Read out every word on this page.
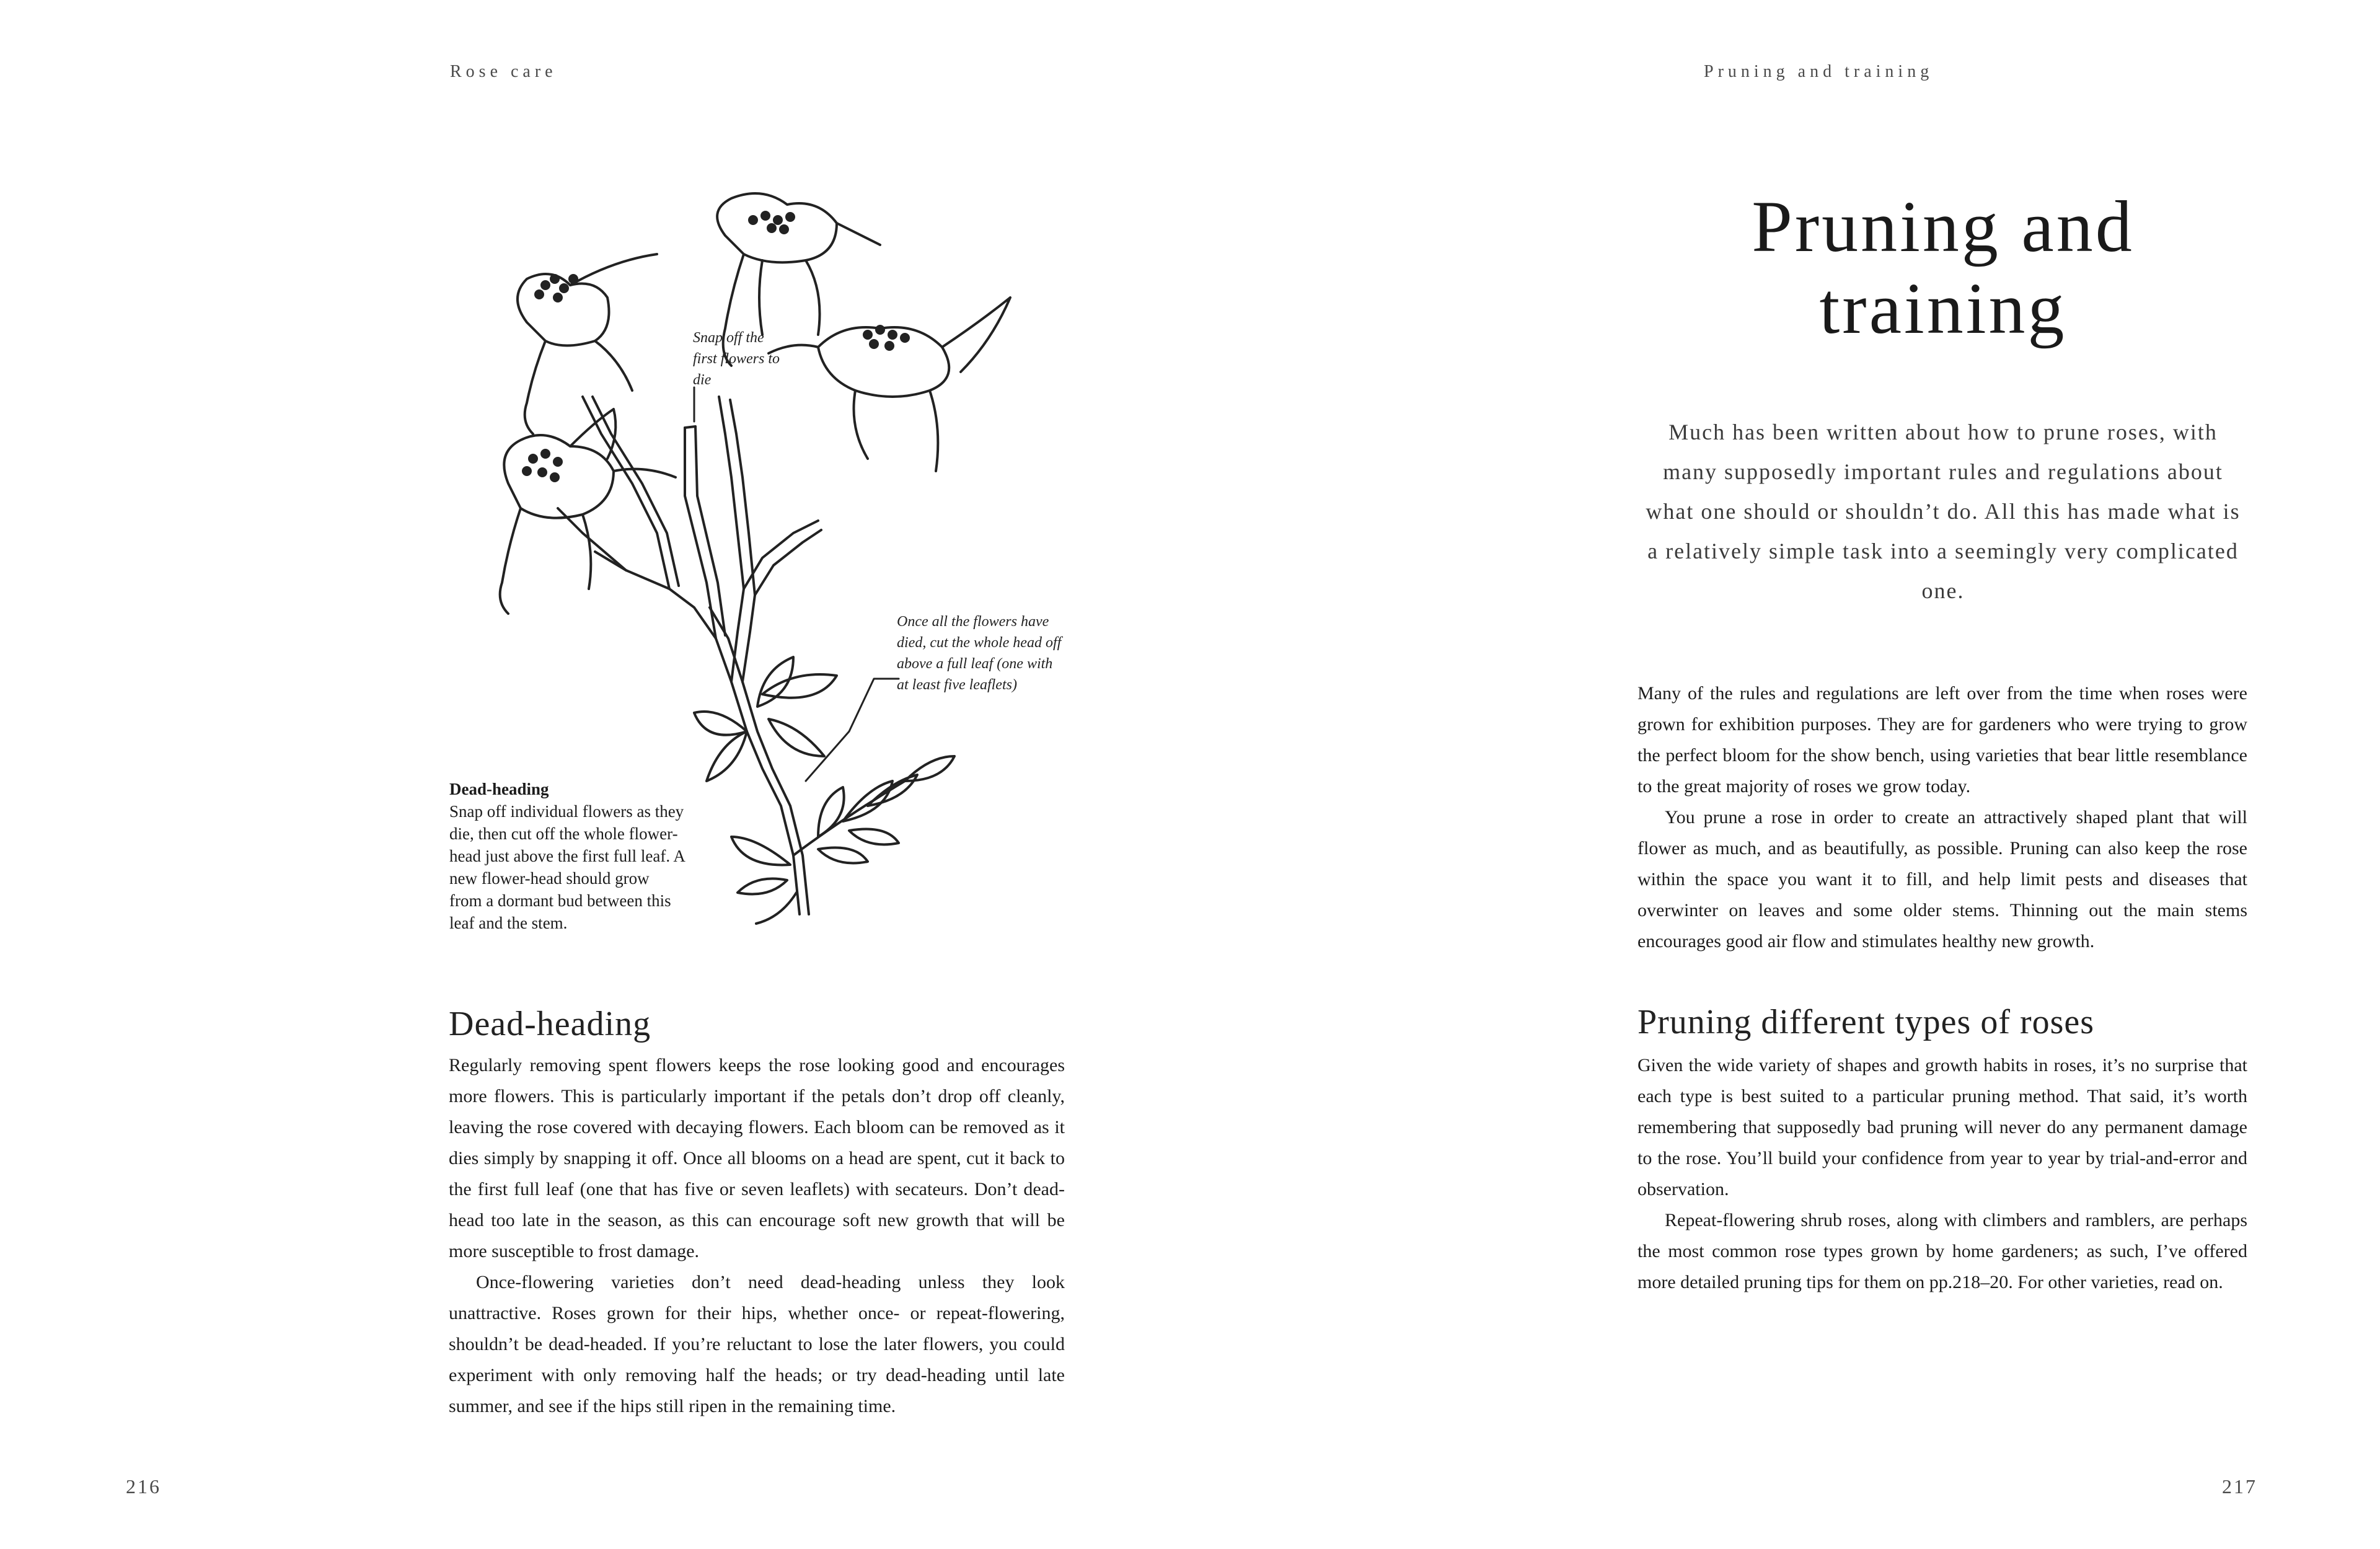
Rose care
Snap off the first flowers to die
Once all the flowers have died, cut the whole head off above a full leaf (one with at least five leaflets)
Dead-heading
Snap off individual flowers as they die, then cut off the whole flower-head just above the first full leaf. A new flower-head should grow from a dormant bud between this leaf and the stem.
Dead-heading

Regularly removing spent flowers keeps the rose looking good and encourages more flowers. This is particularly important if the petals don’t drop off cleanly, leaving the rose covered with decaying flowers. Each bloom can be removed as it dies simply by snapping it off. Once all blooms on a head are spent, cut it back to the first full leaf (one that has five or seven leaflets) with secateurs. Don’t dead-head too late in the season, as this can encourage soft new growth that will be more susceptible to frost damage.

Once-flowering varieties don’t need dead-heading unless they look unattractive. Roses grown for their hips, whether once- or repeat-flowering, shouldn’t be dead-headed. If you’re reluctant to lose the later flowers, you could experiment with only removing half the heads; or try dead-heading until late summer, and see if the hips still ripen in the remaining time.

216
Pruning and training
Pruning and training

Much has been written about how to prune roses, with many supposedly important rules and regulations about what one should or shouldn’t do. All this has made what is a relatively simple task into a seemingly very complicated one.

Many of the rules and regulations are left over from the time when roses were grown for exhibition purposes. They are for gardeners who were trying to grow the perfect bloom for the show bench, using varieties that bear little resemblance to the great majority of roses we grow today.

You prune a rose in order to create an attractively shaped plant that will flower as much, and as beautifully, as possible. Pruning can also keep the rose within the space you want it to fill, and help limit pests and diseases that overwinter on leaves and some older stems. Thinning out the main stems encourages good air flow and stimulates healthy new growth.

Pruning different types of roses

Given the wide variety of shapes and growth habits in roses, it’s no surprise that each type is best suited to a particular pruning method. That said, it’s worth remembering that supposedly bad pruning will never do any permanent damage to the rose. You’ll build your confidence from year to year by trial-and-error and observation.

Repeat-flowering shrub roses, along with climbers and ramblers, are perhaps the most common rose types grown by home gardeners; as such, I’ve offered more detailed pruning tips for them on pp.218–20. For other varieties, read on.

217
